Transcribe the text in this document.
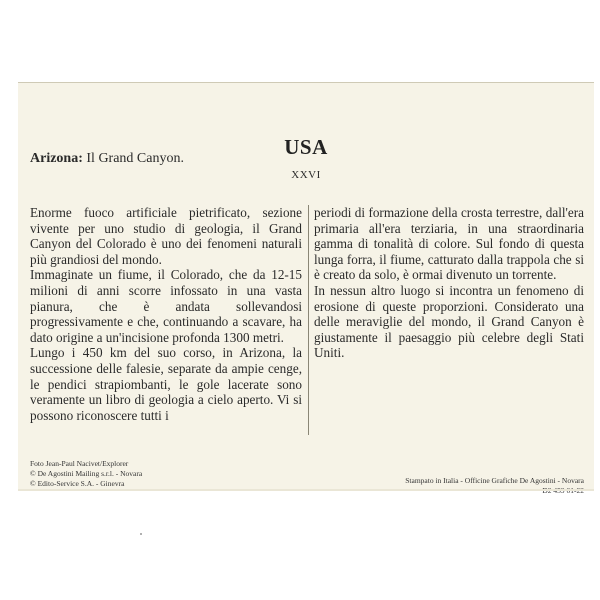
USA
Arizona: Il Grand Canyon.
XXVI

Enorme fuoco artificiale pietrificato, sezione vivente per uno studio di geologia, il Grand Canyon del Colorado è uno dei fenomeni naturali più grandiosi del mondo.

Immaginate un fiume, il Colorado, che da 12-15 milioni di anni scorre infossato in una vasta pianura, che è andata sollevandosi progressivamente e che, continuando a scavare, ha dato origine a un'incisione profonda 1300 metri.

Lungo i 450 km del suo corso, in Arizona, la successione delle falesie, separate da ampie cenge, le pendici strapiombanti, le gole lacerate sono veramente un libro di geologia a cielo aperto. Vi si possono riconoscere tutti i

periodi di formazione della crosta terrestre, dall'era primaria all'era terziaria, in una straordinaria gamma di tonalità di colore. Sul fondo di questa lunga forra, il fiume, catturato dalla trappola che si è creato da solo, è ormai divenuto un torrente.

In nessun altro luogo si incontra un fenomeno di erosione di queste proporzioni. Considerato una delle meraviglie del mondo, il Grand Canyon è giustamente il paesaggio più celebre degli Stati Uniti.

Foto Jean-Paul Nacivet/Explorer
© De Agostini Mailing s.r.l. - Novara
© Edito-Service S.A. - Ginevra	Stampato in Italia - Officine Grafiche De Agostini - Novara
